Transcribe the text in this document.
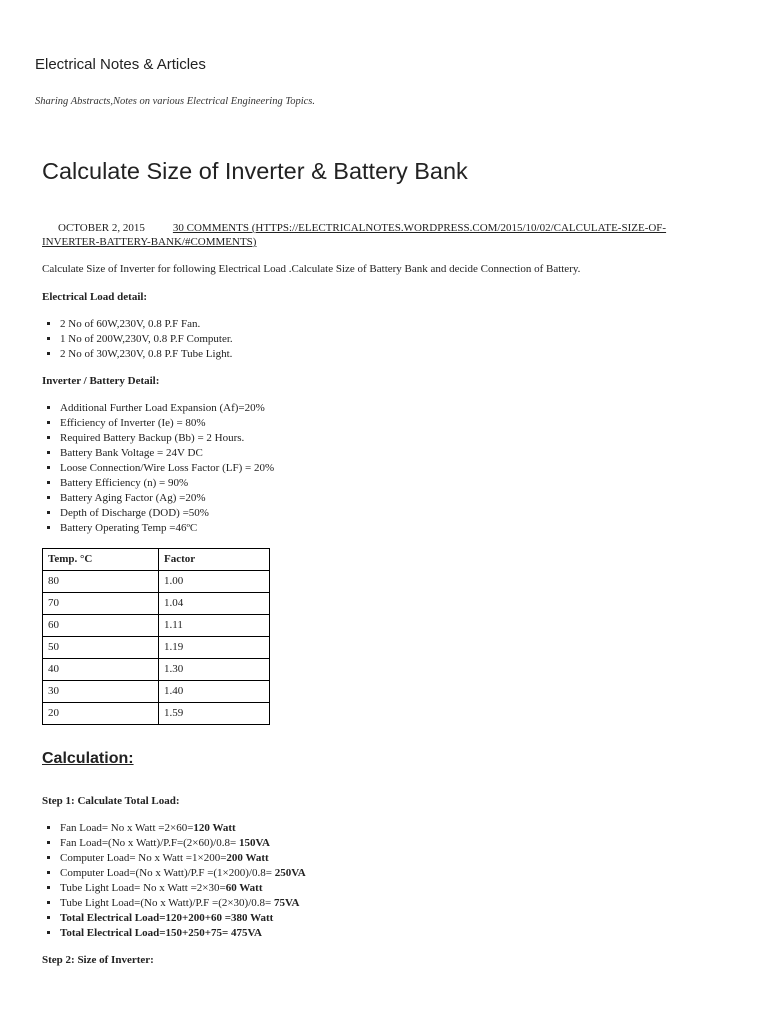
Electrical Notes & Articles
Sharing Abstracts,Notes on various Electrical Engineering Topics.
Calculate Size of Inverter & Battery Bank
OCTOBER 2, 2015	30 COMMENTS (HTTPS://ELECTRICALNOTES.WORDPRESS.COM/2015/10/02/CALCULATE-SIZE-OF-INVERTER-BATTERY-BANK/#COMMENTS)

Calculate Size of Inverter for following Electrical Load .Calculate Size of Battery Bank and decide Connection of Battery.

Electrical Load detail:
▪ 2 No of 60W,230V, 0.8 P.F Fan.
▪ 1 No of 200W,230V, 0.8 P.F Computer.
▪ 2 No of 30W,230V, 0.8 P.F Tube Light.
Inverter / Battery Detail:
▪ Additional Further Load Expansion (Af)=20%
▪ Efficiency of Inverter (Ie) = 80%
▪ Required Battery Backup (Bb) = 2 Hours.
▪ Battery Bank Voltage = 24V DC
▪ Loose Connection/Wire Loss Factor (LF) = 20%
▪ Battery Efficiency (n) = 90%
▪ Battery Aging Factor (Ag) =20%
▪ Depth of Discharge (DOD) =50%
▪ Battery Operating Temp =46ºC
Temp. °C	Factor
80	1.00
70	1.04
60	1.11
50	1.19
40	1.30
30	1.40
20	1.59
Calculation:
Step 1: Calculate Total Load:
▪ Fan Load= No x Watt =2×60=120 Watt
▪ Fan Load=(No x Watt)/P.F=(2×60)/0.8= 150VA
▪ Computer Load= No x Watt =1×200=200 Watt
▪ Computer Load=(No x Watt)/P.F =(1×200)/0.8= 250VA
▪ Tube Light Load= No x Watt =2×30=60 Watt
▪ Tube Light Load=(No x Watt)/P.F =(2×30)/0.8= 75VA
▪ Total Electrical Load=120+200+60 =380 Watt
▪ Total Electrical Load=150+250+75= 475VA
Step 2: Size of Inverter:
